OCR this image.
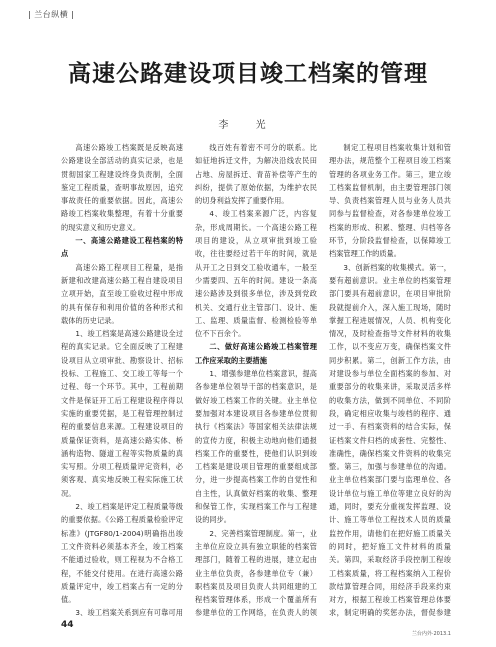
| 兰台纵横 |
高速公路建设项目竣工档案的管理
李 光

高速公路竣工档案既是反映高速公路建设全部活动的真实记录，也是贯彻国家工程建设终身负责制，全面鉴定工程质量，查明事故原因，追究事故责任的重要依据。因此，高速公路竣工档案收集整理，有着十分重要的现实意义和历史意义。

一、高速公路建设工程档案的特点

高速公路工程项目工程量，是指新建和改建高速公路工程自建设项目立项开始，直至竣工验收过程中形成的具有保存和利用价值的各种形式和载体的历史记录。

1、竣工档案是高速公路建设全过程的真实记录。它全面反映了工程建设项目从立项审批、勘察设计、招标投标、工程施工、交工竣工等每一个过程、每一个环节。其中，工程前期文件是保证开工后工程建设程序得以实施的重要凭据，是工程管理控制过程的重要信息来源。工程建设项目的质量保证资料，是高速公路实体、桥涵构造物、隧道工程等实物质量的真实写照。分项工程质量评定资料，必须客观、真实地反映工程实际施工状况。

2、竣工档案是评定工程质量等级的重要依据。《公路工程质量检验评定标准》(JTGF80/1-2004)明确指出竣工文件资料必须基本齐全，竣工档案不能通过验收，则工程视为不合格工程，不能交付使用。在进行高速公路质量评定中，竣工档案占有一定的分值。

3、竣工档案关系到应有可靠可用

线百姓有着密不可分的联系。比如征地拆迁文件，为解决沿线农民田占地、房屋拆迁、青苗补偿等产生的纠纷，提供了原始依据，为维护农民的切身利益发挥了重要作用。

4、竣工档案来源广泛，内容复杂，形成周期长。一个高速公路工程项目的建设，从立项审批到竣工验收，往往要经过若干年的时间，就是从开工之日到交工验收通车，一般至少需要四、五年的时间。建设一条高速公路涉及到很多单位，涉及到党政机关、交通行业主管部门、设计、施工、监理、质量监督、检测检验等单位不下百余个。

二、做好高速公路竣工档案管理工作应采取的主要措施

1、增强参建单位档案意识，提高各参建单位领导干部的档案意识，是做好竣工档案工作的关键。业主单位要加强对本建设项目各参建单位贯彻执行《档案法》等国家相关法律法规的宣传力度，积极主动地向他们通报档案工作的重要性，使他们认识到竣工档案是建设项目管理的重要组成部分，进一步提高档案工作的自觉性和自主性，认真做好档案的收集、整理和保管工作，实现档案工作与工程建设的同步。

2、完善档案管理制度。第一，业主单位应设立具有独立职能的档案管理部门，随着工程的进展，建立起由业主单位负责，各参建单位专（兼）职档案员及项目负责人共同组建的工程档案管理体系，形成一个覆盖所有参建单位的工作网络，在负责人的领

制定工程项目档案收集计划和管理办法，规范整个工程项目竣工档案管理的各项业务工作。第三，建立竣工档案监督机制，由主要管理部门领导、负责档案管理人员与业务人员共同参与监督检查，对各参建单位竣工档案的形成、积累、整理、归档等各环节，分阶段监督检查，以保障竣工档案管理工作的质量。

3、创新档案的收集模式。第一，要有超前意识。业主单位的档案管理部门要具有超前意识，在项目审批阶段就提前介入，深入施工现场，随时掌握工程进展情况，人员、机构变化情况，及时检查指导文件材料的收集工作，以不变应万变，确保档案文件同步积累。第二，创新工作方法，由对建设参与单位全面档案的参加、对重要部分的收集来讲，采取灵活多样的收集方法，做到不同单位、不同阶段，确定相应收集与竣档的程序、通过一手、有档案资料的结合实际，保证档案文件归档的成套性、完整性、准确性，确保档案文件资料的收集完整。第三，加强与参建单位的沟通。业主单位档案部门要与监理单位、各设计单位与施工单位等建立良好的沟通，同时，要充分重视发挥监理、设计、施工等单位工程技术人员的质量监控作用，请他们在把好施工质量关的同时，把好施工文件材料的质量关。第四，采取经济手段控制工程竣工档案质量，将工程档案纳入工程价款结算管理合同，用经济手段来约束对方，根据工程竣工档案管理总体要求，制定明确的奖惩办法，督促参建

44
兰台内外·2013.1
